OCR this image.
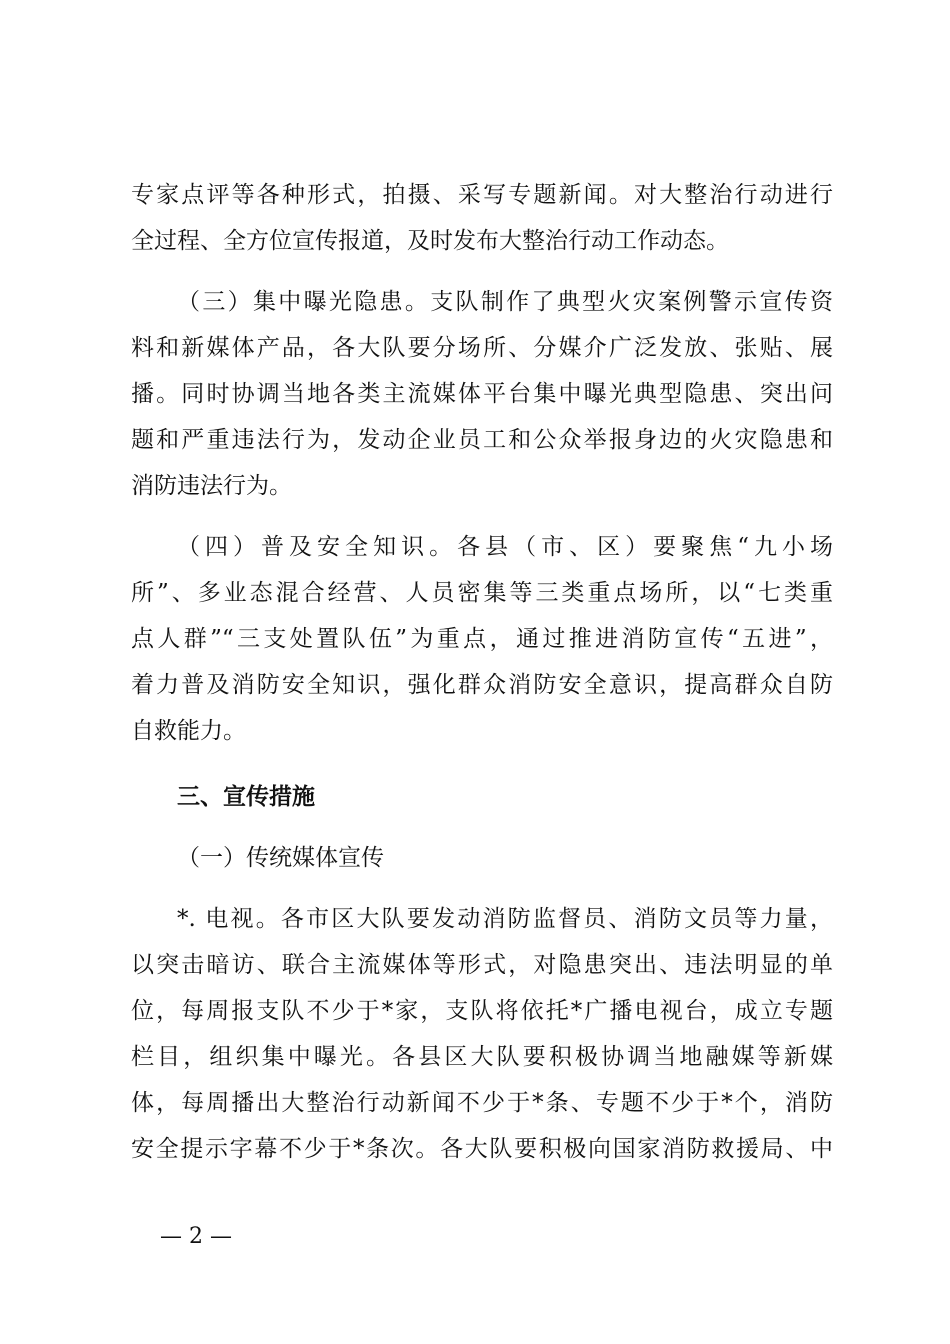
专家点评等各种形式，拍摄、采写专题新闻。对大整治行动进行
全过程、全方位宣传报道，及时发布大整治行动工作动态。
（三）集中曝光隐患。支队制作了典型火灾案例警示宣传资
料和新媒体产品，各大队要分场所、分媒介广泛发放、张贴、展
播。同时协调当地各类主流媒体平台集中曝光典型隐患、突出问
题和严重违法行为，发动企业员工和公众举报身边的火灾隐患和
消防违法行为。
（四）普及安全知识。各县（市、区）要聚焦“九小场
所”、多业态混合经营、人员密集等三类重点场所，以“七类重
点人群”“三支处置队伍”为重点，通过推进消防宣传“五进”，
着力普及消防安全知识，强化群众消防安全意识，提高群众自防
自救能力。
三、宣传措施
（一）传统媒体宣传
*. 电视。各市区大队要发动消防监督员、消防文员等力量，
以突击暗访、联合主流媒体等形式，对隐患突出、违法明显的单
位，每周报支队不少于*家，支队将依托*广播电视台，成立专题
栏目，组织集中曝光。各县区大队要积极协调当地融媒等新媒
体，每周播出大整治行动新闻不少于*条、专题不少于*个，消防
安全提示字幕不少于*条次。各大队要积极向国家消防救援局、中
— 2 —
